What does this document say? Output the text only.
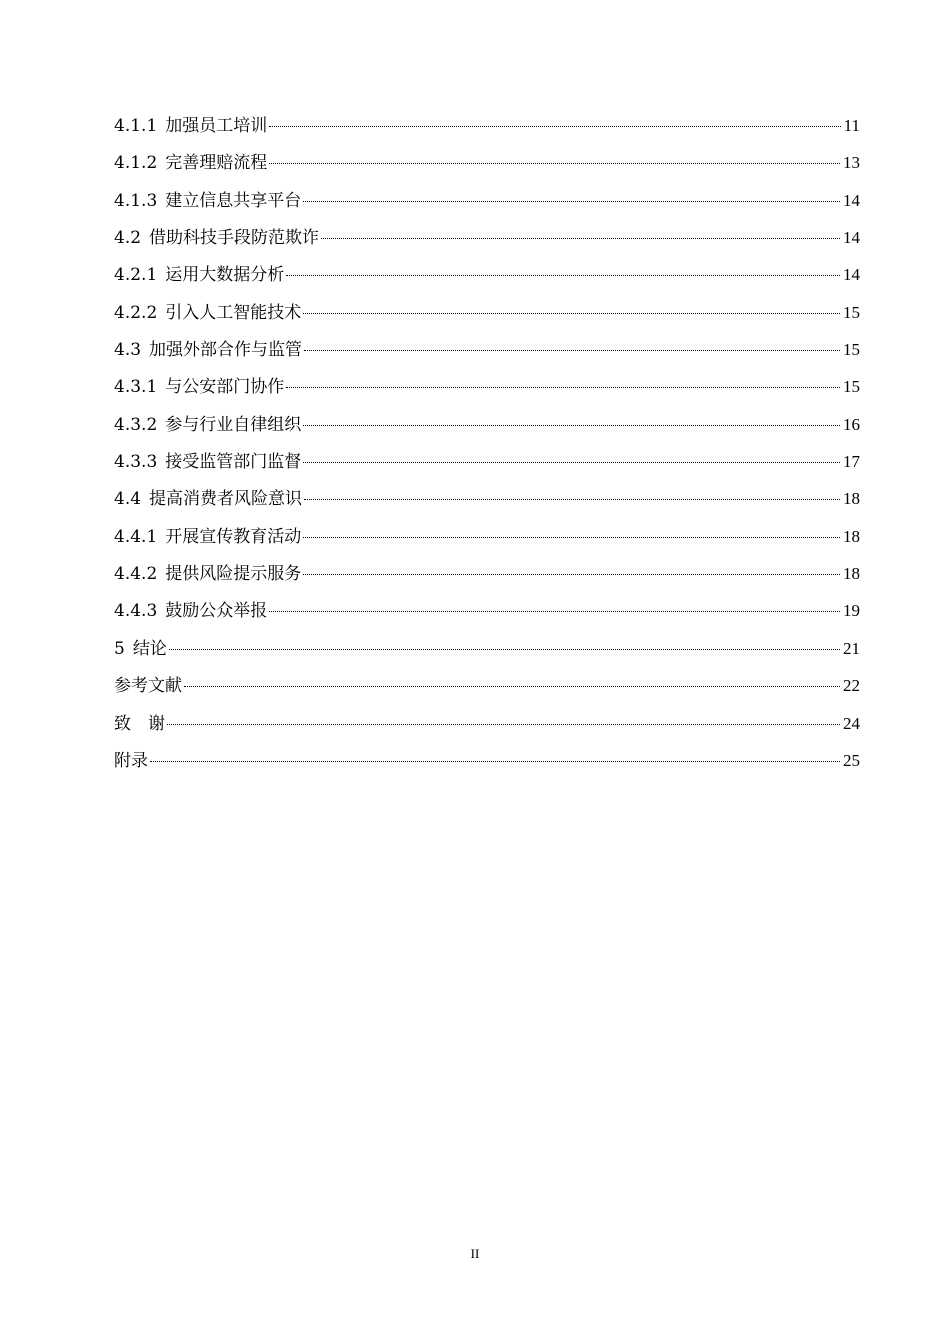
4.1.1 加强员工培训	11
4.1.2 完善理赔流程	13
4.1.3 建立信息共享平台	14
4.2 借助科技手段防范欺诈	14
4.2.1 运用大数据分析	14
4.2.2 引入人工智能技术	15
4.3 加强外部合作与监管	15
4.3.1 与公安部门协作	15
4.3.2 参与行业自律组织	16
4.3.3 接受监管部门监督	17
4.4 提高消费者风险意识	18
4.4.1 开展宣传教育活动	18
4.4.2 提供风险提示服务	18
4.4.3 鼓励公众举报	19
5 结论	21
参考文献	22
致　谢	24
附录	25
II
